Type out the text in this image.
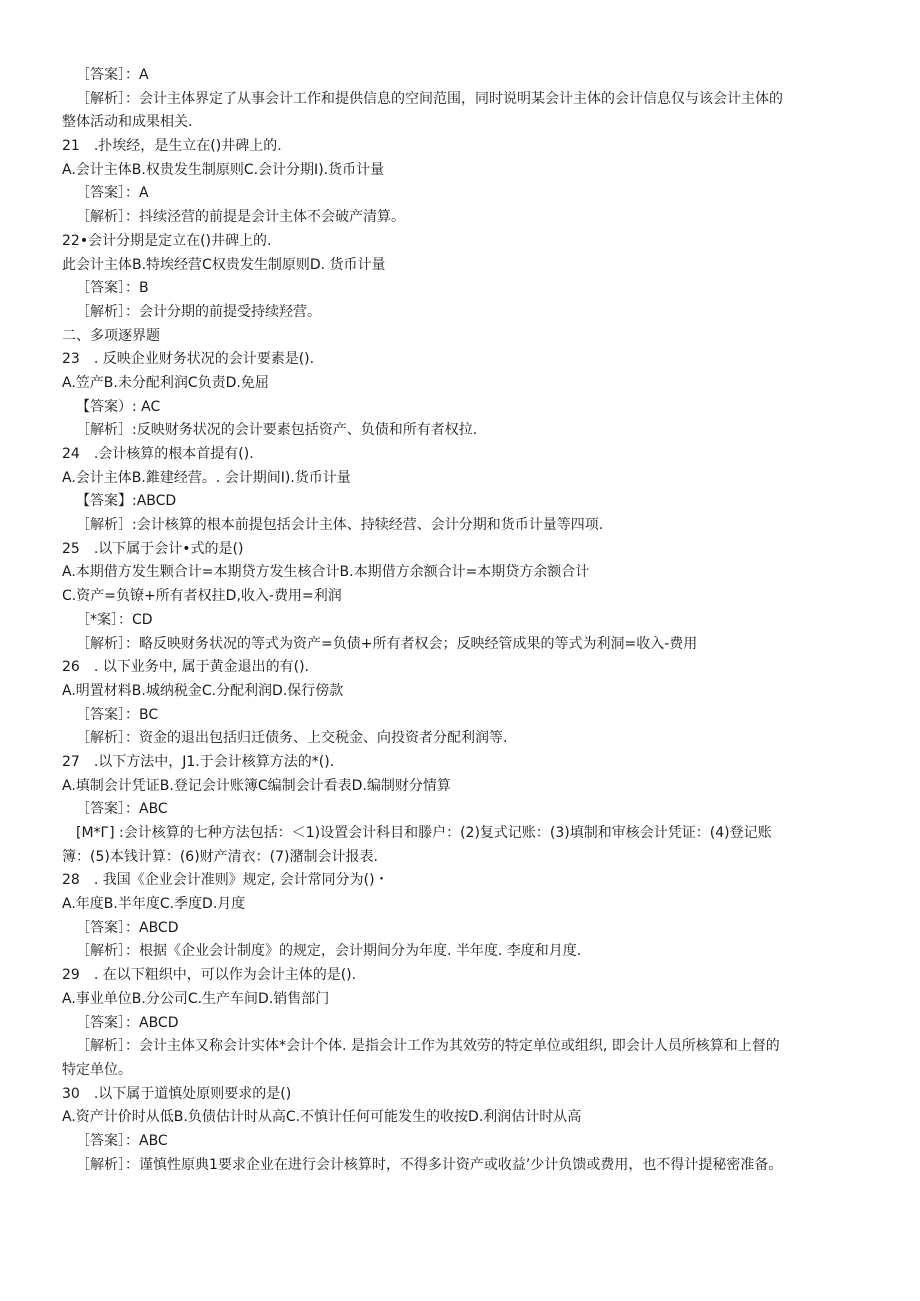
［答案］：A
［解析］：会计主体界定了从事会计工作和提供信息的空间范围，同时说明某会计主体的会计信息仅与该会计主体的
整体活动和成果相关.
21　.扑埃经，是生立在()井碑上的.
A.会计主体B.权贵发生制原则C.会计分期I).货币计量
［答案］：A
［解析］：抖续泾营的前提是会计主体不会破产清算。
22•会计分期是定立在()井碑上的.
此会计主体B.特埃经营C权贵发生制原则D. 货币计量
［答案］：B
［解析］：会计分期的前提受持续羟营。
二、多项逐界题
23　. 反映企业财务状况的会计要素是().
A.笠产B.未分配利润C负责D.免屈
【答案）: AC
［解析］:反映财务状况的会计要素包括资产、负债和所有者权拉.
24　.会计核算的根本首提有().
A.会计主体B.錐建经营。. 会计期间I).货币计量
【答案】:ABCD
［解析］:会计核算的根本前提包括会计主体、持犊经营、会计分期和货币计量等四项.
25　.以下属于会计•式的是()
A.本期借方发生颗合计=本期贷方发生核合计B.本期借方余额合计=本期贷方余额合计
C.资产=负镣+所有者权拄D,收入-费用=利润
［*案］：CD
［解析］：略反映财务状况的等式为资产=负债+所有者权会；反映经管成果的等式为利洞=收入-费用
26　. 以下业务中, 属于黄金退出的有().
A.明置材料B.城纳税金C.分配利润D.保行傍款
［答案］：BC
［解析］：资金的退出包括归迁债务、上交税金、向投资者分配利润等.
27　.以下方法中，J1.于会计核算方法的*().
A.填制会计凭证B.登记会计账簿C编制会计看表D.编制财分情算
［答案］：ABC
[M*Г] :会计核算的七种方法包括：＜1)设置会计科目和滕户：(2)复式记账：(3)填制和审核会计凭证：(4)登记账
簿：(5)本钱计算：(6)财产清衣：(7)潴制会计报表.
28　. 我国《企业会计准则》规定, 会计常同分为()・
A.年度B.半年度C.季度D.月度
［答案］：ABCD
［解析］：根据《企业会计制度》的规定，会计期间分为年度. 半年度. 李度和月度.
29　. 在以下粗织中，可以作为会计主体的是().
A.事业单位B.分公司C.生产车间D.销售部门
［答案］：ABCD
［解析］：会计主体又称会计实体*会计个体. 是指会计工作为其效劳的特定单位或组织, 即会计人员所核算和上督的
特定单位。
30　.以下属于道慎处原则要求的是()
A.资产计价时从低B.负债估计时从高C.不慎计任何可能发生的收按D.利润估计时从高
［答案］：ABC
［解析］：谨慎性原典1要求企业在进行会计核算时，不得多计资产或收益’少计负馈或费用，也不得计提秘密准备。
